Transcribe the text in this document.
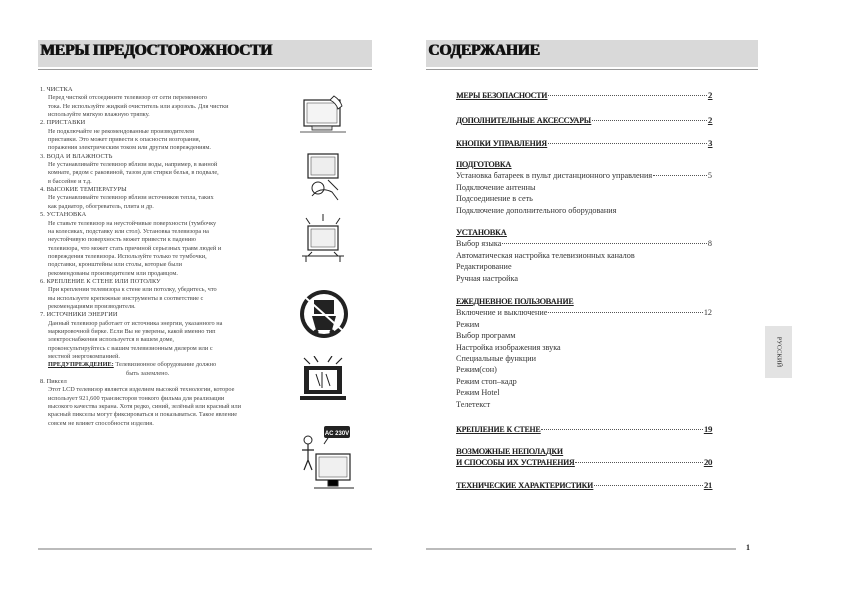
МЕРЫ ПРЕДОСТОРОЖНОСТИ	СОДЕРЖАНИЕ
1. ЧИСТКА
Перед чисткой отсоедините телевизор от сети переменного
тока. Не используйте жидкий очиститель или аэрозоль. Для чистки
используйте мягкую влажную тряпку.
2. ПРИСТАВКИ
Не подключайте не рекомендованные производителем
приставки. Это может привести к опасности возгорания,
поражения электрическим током или другим повреждениям.
3. ВОДА И ВЛАЖНОСТЬ
Не устанавливайте телевизор вблизи воды, например, в ванной
комнате, рядом с раковиной, тазом для стирки белья, в подвале,
в бассейне и т.д.
4. ВЫСОКИЕ ТЕМПЕРАТУРЫ
Не устанавливайте телевизор вблизи источников тепла, таких
как радиатор, обогреватель, плита и др.
5. УСТАНОВКА
Не ставьте телевизор на неустойчивые поверхности (тумбочку
на колесиках, подставку или стол). Установка телевизора на
неустойчивую поверхность может привести к падению
телевизора, что может стать причиной серьезных травм людей и
повреждения телевизора. Используйте только те тумбочки,
подставки, кронштейны или столы, которые были
рекомендованы производителем или продавцом.
6. КРЕПЛЕНИЕ К СТЕНЕ ИЛИ ПОТОЛКУ
При креплении телевизора к стене или потолку, убедитесь, что
вы используете крепежные инструменты в соответствие с
рекомендациями производителя.
7. ИСТОЧНИКИ ЭНЕРГИИ
Данный телевизор работает от источника энергии, указанного на
маркировочной бирке. Если Вы не уверены, какой именно тип
электроснабжения используется в вашем доме,
проконсультируйтесь с вашим телевизионным дилером или с
местной энергокомпанией.
ПРЕДУПРЕЖДЕНИЕ: Телевизионное оборудование должно
быть заземлено.
8. Пиксел
Этот LCD телевизор является изделием высокой технологии, которое
использует 921,600 транзисторов тонкого фильма для реализации
высокого качества экрана. Хотя редко, синий, зелёный или красный или
красный пикселы могут фиксироваться и показываться. Такое явление
совсем не влияет способности изделия.
AC 230V
МЕРЫ БЕЗОПАСНОСТИ	2
ДОПОЛНИТЕЛЬНЫЕ АКСЕССУАРЫ	2
КНОПКИ УПРАВЛЕНИЯ	3
ПОДГОТОВКА
Установка батареек в пульт дистанционного управления	5
Подключение антенны
Подсоединение в сеть
Подключение дополнительного оборудования
УСТАНОВКА
Выбор языка	8
Автоматическая настройка телевизионных каналов
Редактирование
Ручная настройка
ЕЖЕДНЕВНОЕ ПОЛЬЗОВАНИЕ
Включение и выключение	12
Режим
Выбор программ
Настройка изображения звука
Специальные функции
Режим(сон)
Режим стоп–кадр
Режим Hotel
Телетекст
КРЕПЛЕНИЕ К СТЕНЕ	19
ВОЗМОЖНЫЕ НЕПОЛАДКИ
И СПОСОБЫ ИХ УСТРАНЕНИЯ	20
ТЕХНИЧЕСКИЕ ХАРАКТЕРИСТИКИ	21
РУССКИЙ
1
